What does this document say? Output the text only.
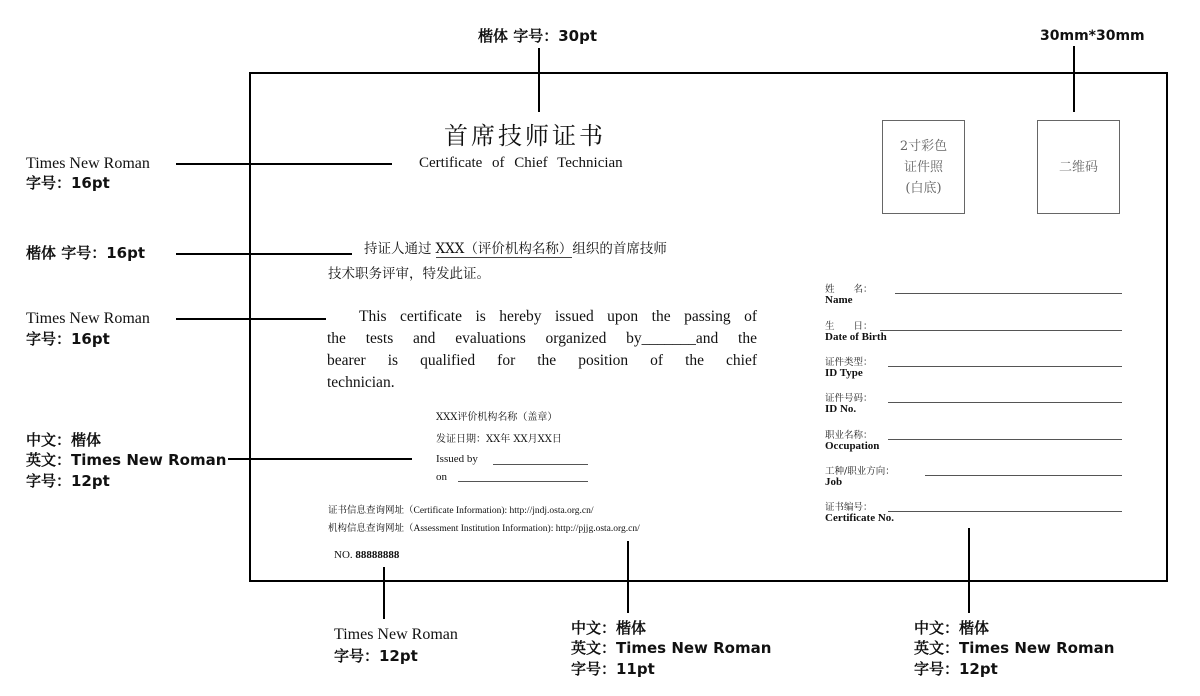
楷体 字号：30pt	30mm*30mm
Times New Roman
字号：16pt
楷体 字号：16pt
Times New Roman
字号：16pt
中文：楷体
英文：Times New Roman
字号：12pt
Times New Roman
字号：12pt
中文：楷体
英文：Times New Roman
字号：11pt
中文：楷体
英文：Times New Roman
字号：12pt
首席技师证书
Certificate of Chief Technician
2寸彩色
证件照
(白底)
二维码
持证人通过 XXX（评价机构名称）组织的首席技师
技术职务评审，特发此证。
This certificate is hereby issued upon the passing of
the tests and evaluations organized by_______and the
bearer is qualified for the position of the chief
technician.
XXX评价机构名称（盖章）
发证日期：XX年 XX月XX日
Issued by
on
证书信息查询网址（Certificate Information): http://jndj.osta.org.cn/
机构信息查询网址（Assessment Institution Information): http://pjjg.osta.org.cn/
NO. 88888888
姓　　名：
Name
生　　日：
Date of Birth
证件类型：
ID Type
证件号码：
ID No.
职业名称：
Occupation
工种/职业方向：
Job
证书编号：
Certificate No.
